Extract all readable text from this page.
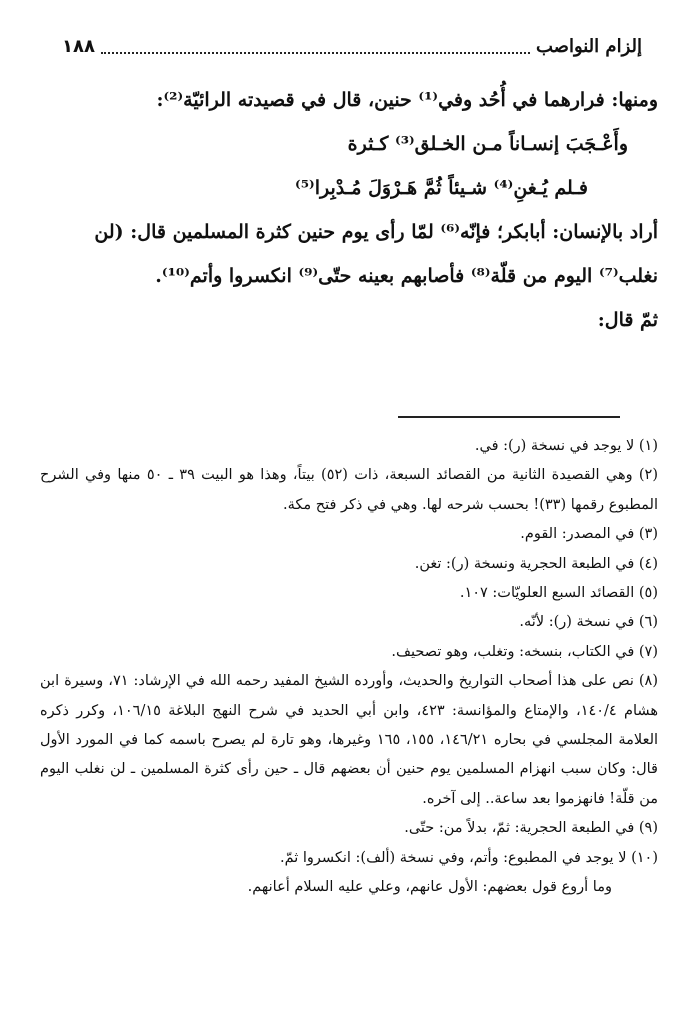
إلزام النواصب
١٨٨

ومنها: فرارهما في أُحُد وفي⁽¹⁾ حنين، قال في قصيدته الرائيّة⁽²⁾:

وأَعْـجَبَ إنسـاناً مـن الخـلق⁽³⁾ كـثرة

فـلم يُـغنِ⁽⁴⁾ شـيئاً ثُمَّ هَـرْوَلَ مُـدْبِرا⁽⁵⁾

أراد بالإنسان: أبابكر؛ فإنّه⁽⁶⁾ لمّا رأى يوم حنين كثرة المسلمين قال: (لن نغلب⁽⁷⁾ اليوم من قلّة⁽⁸⁾ فأصابهم بعينه حتّى⁽⁹⁾ انكسروا وأتم⁽¹⁰⁾.

ثمّ قال:

(١) لا يوجد في نسخة (ر): في.
(٢) وهي القصيدة الثانية من القصائد السبعة، ذات (٥٢) بيتاً، وهذا هو البيت ٣٩ ـ ٥٠ منها وفي الشرح المطبوع رقمها (٣٣)! بحسب شرحه لها. وهي في ذكر فتح مكة.
(٣) في المصدر: القوم.
(٤) في الطبعة الحجرية ونسخة (ر): تغن.
(٥) القصائد السبع العلويّات: ١٠٧.
(٦) في نسخة (ر): لأنّه.
(٧) في الكتاب، بنسخه: وتغلب، وهو تصحيف.
(٨) نص على هذا أصحاب التواريخ والحديث، وأورده الشيخ المفيد رحمه الله في الإرشاد: ٧١، وسيرة ابن هشام ١٤٠/٤، والإمتاع والمؤانسة: ٤٢٣، وابن أبي الحديد في شرح النهج البلاغة ١٠٦/١٥، وكرر ذكره العلامة المجلسي في بحاره ١٤٦/٢١، ١٥٥، ١٦٥ وغيرها، وهو تارة لم يصرح باسمه كما في المورد الأول قال: وكان سبب انهزام المسلمين يوم حنين أن بعضهم قال ـ حين رأى كثرة المسلمين ـ لن نغلب اليوم من قلّة! فانهزموا بعد ساعة.. إلى آخره.
(٩) في الطبعة الحجرية: ثمّ، بدلاً من: حتّى.
(١٠) لا يوجد في المطبوع: وأتم، وفي نسخة (ألف): انكسروا ثمّ.
وما أروع قول بعضهم: الأول عانهم، وعلي عليه السلام أعانهم.
